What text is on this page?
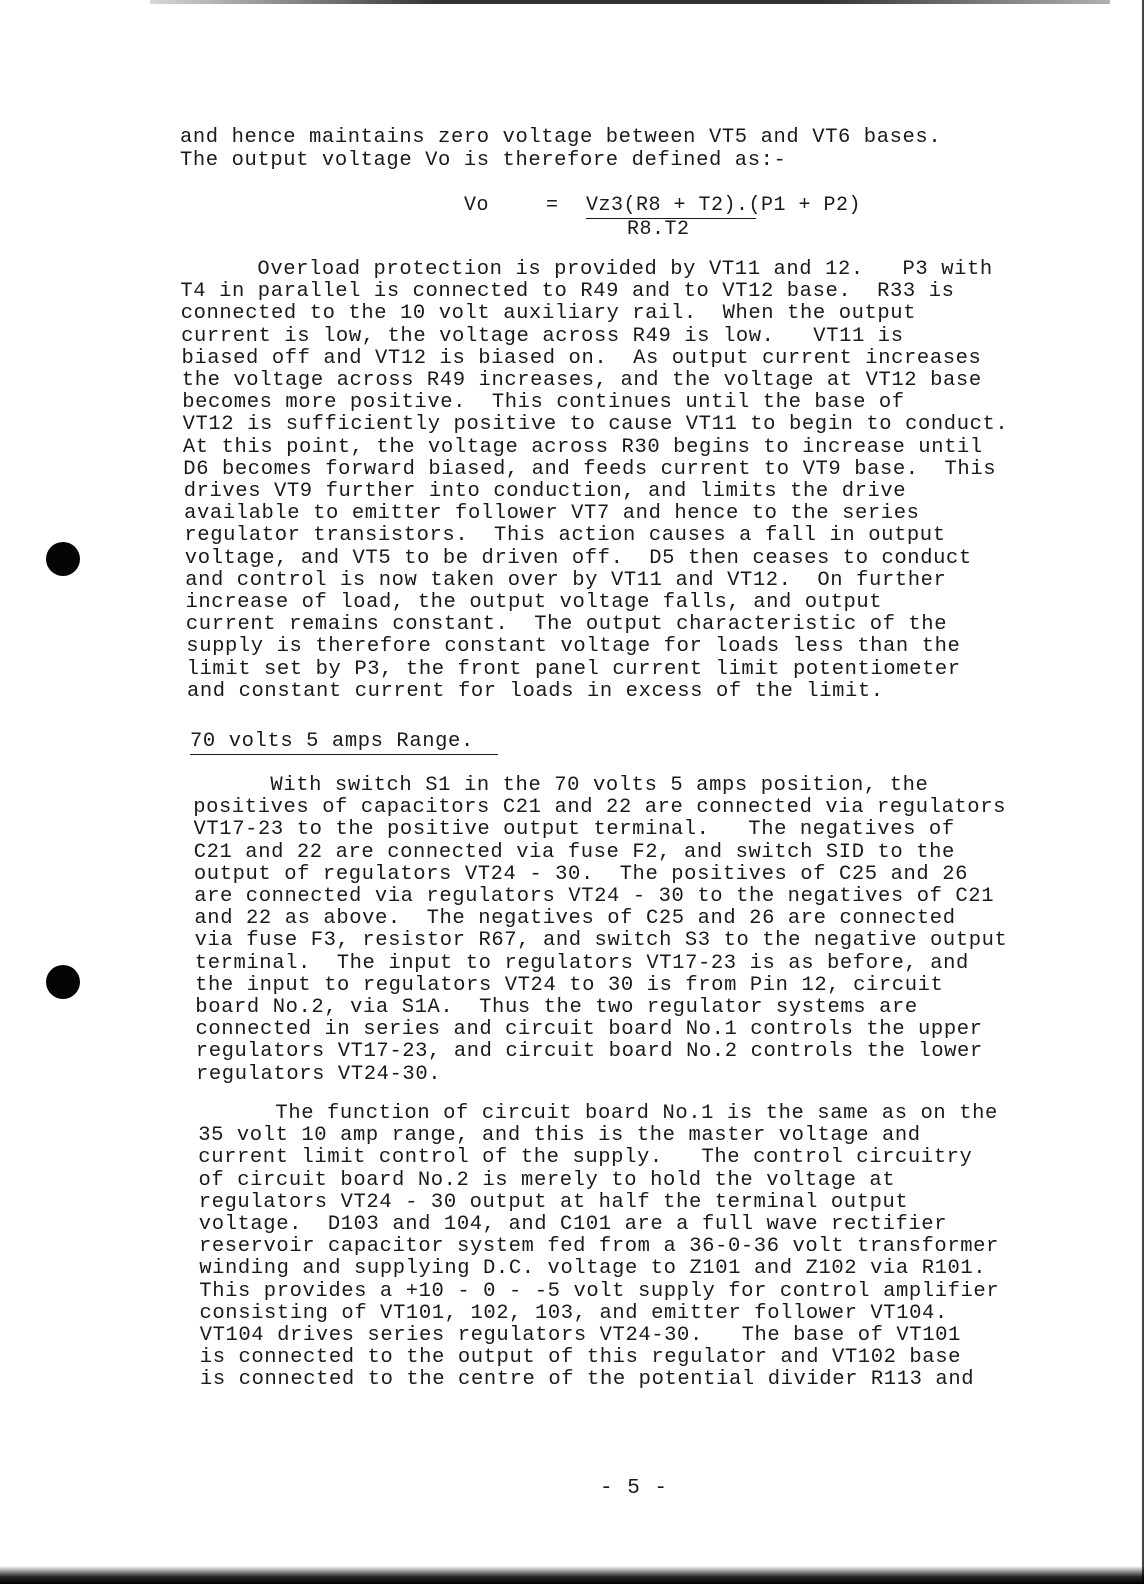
and hence maintains zero voltage between VT5 and VT6 bases.

The output voltage Vo is therefore defined as:-

Vo	= Vz3(R8 + T2).(P1 + P2)
R8.T2

Overload protection is provided by VT11 and 12.   P3 with

T4 in parallel is connected to R49 and to VT12 base.  R33 is

connected to the 10 volt auxiliary rail.  When the output

current is low, the voltage across R49 is low.   VT11 is

biased off and VT12 is biased on.  As output current increases

the voltage across R49 increases, and the voltage at VT12 base

becomes more positive.  This continues until the base of

VT12 is sufficiently positive to cause VT11 to begin to conduct.

At this point, the voltage across R30 begins to increase until

D6 becomes forward biased, and feeds current to VT9 base.  This

drives VT9 further into conduction, and limits the drive

available to emitter follower VT7 and hence to the series

regulator transistors.  This action causes a fall in output

voltage, and VT5 to be driven off.  D5 then ceases to conduct

and control is now taken over by VT11 and VT12.  On further

increase of load, the output voltage falls, and output

current remains constant.  The output characteristic of the

supply is therefore constant voltage for loads less than the

limit set by P3, the front panel current limit potentiometer

and constant current for loads in excess of the limit.

70 volts 5 amps Range.

With switch S1 in the 70 volts 5 amps position, the

positives of capacitors C21 and 22 are connected via regulators

VT17-23 to the positive output terminal.   The negatives of

C21 and 22 are connected via fuse F2, and switch SID to the

output of regulators VT24 - 30.  The positives of C25 and 26

are connected via regulators VT24 - 30 to the negatives of C21

and 22 as above.  The negatives of C25 and 26 are connected

via fuse F3, resistor R67, and switch S3 to the negative output

terminal.  The input to regulators VT17-23 is as before, and

the input to regulators VT24 to 30 is from Pin 12, circuit

board No.2, via S1A.  Thus the two regulator systems are

connected in series and circuit board No.1 controls the upper

regulators VT17-23, and circuit board No.2 controls the lower

regulators VT24-30.

The function of circuit board No.1 is the same as on the

35 volt 10 amp range, and this is the master voltage and

current limit control of the supply.   The control circuitry

of circuit board No.2 is merely to hold the voltage at

regulators VT24 - 30 output at half the terminal output

voltage.  D103 and 104, and C101 are a full wave rectifier

reservoir capacitor system fed from a 36-0-36 volt transformer

winding and supplying D.C. voltage to Z101 and Z102 via R101.

This provides a +10 - 0 - -5 volt supply for control amplifier

consisting of VT101, 102, 103, and emitter follower VT104.

VT104 drives series regulators VT24-30.   The base of VT101

is connected to the output of this regulator and VT102 base

is connected to the centre of the potential divider R113 and

- 5 -
